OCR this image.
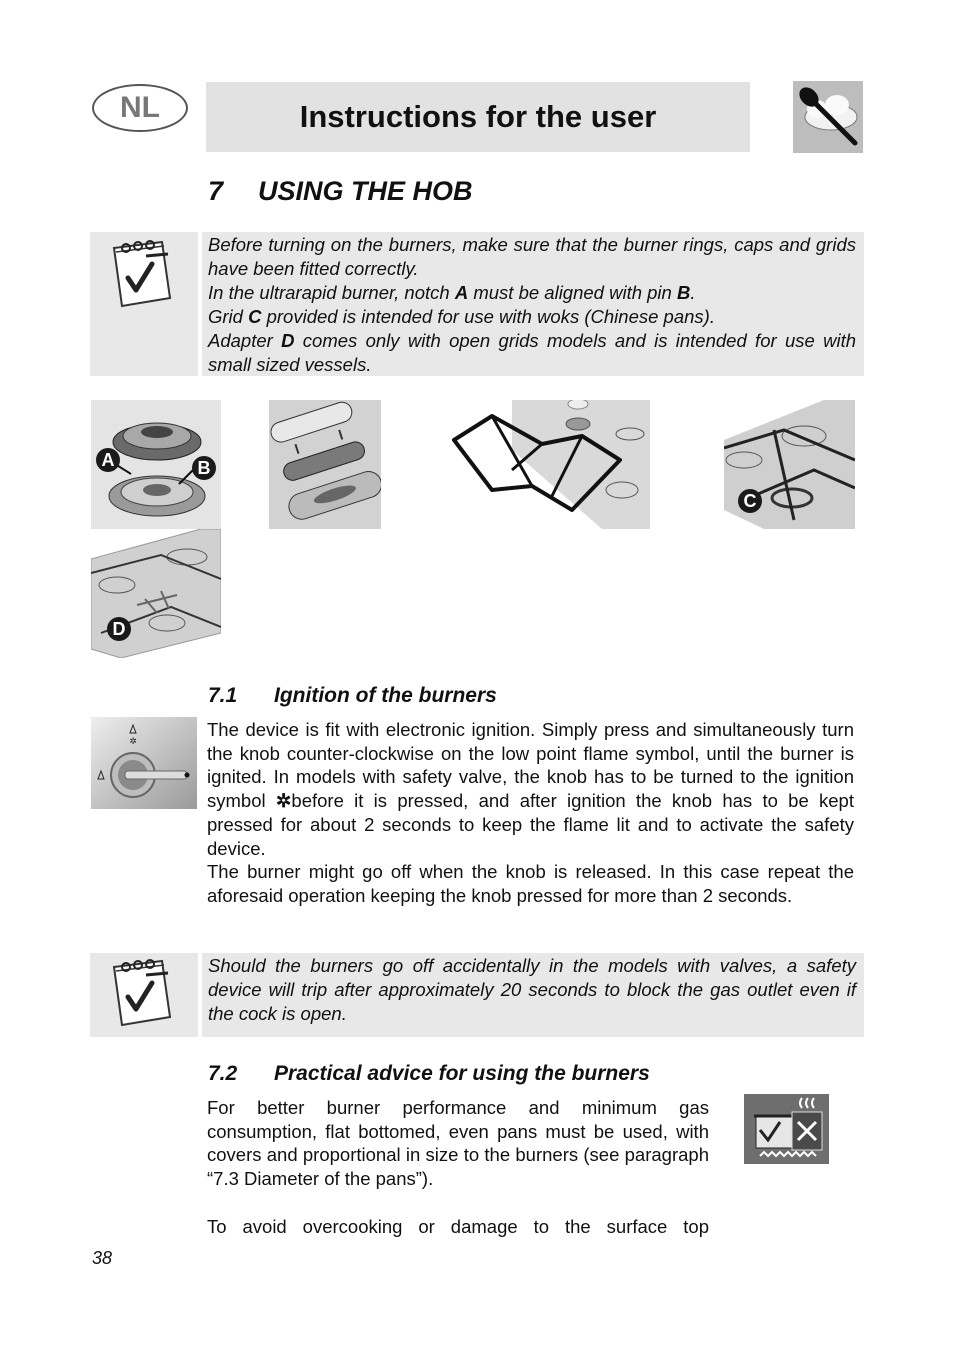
NL	Instructions for the user
7 USING THE HOB

Before turning on the burners, make sure that the burner rings, caps and grids have been fitted correctly.

In the ultrarapid burner, notch A must be aligned with pin B.

Grid C provided is intended for use with woks (Chinese pans).

Adapter D comes only with open grids models and is intended for use with small sized vessels.

A	B
C
D
7.1 Ignition of the burners
✲

The device is fit with electronic ignition. Simply press and simultaneously turn the knob counter-clockwise on the low point flame symbol, until the burner is ignited. In models with safety valve, the knob has to be turned to the ignition symbol ✲before it is pressed, and after ignition the knob has to be kept pressed for about 2 seconds to keep the flame lit and to activate the safety device.

The burner might go off when the knob is released. In this case repeat the aforesaid operation keeping the knob pressed for more than 2 seconds.

Should the burners go off accidentally in the models with valves, a safety device will trip after approximately 20 seconds to block the gas outlet even if the cock is open.
7.2 Practical advice for using the burners

For better burner performance and minimum gas consumption, flat bottomed, even pans must be used, with covers and proportional in size to the burners (see paragraph “7.3 Diameter of the pans”).

To avoid overcooking or damage to the surface top

38
